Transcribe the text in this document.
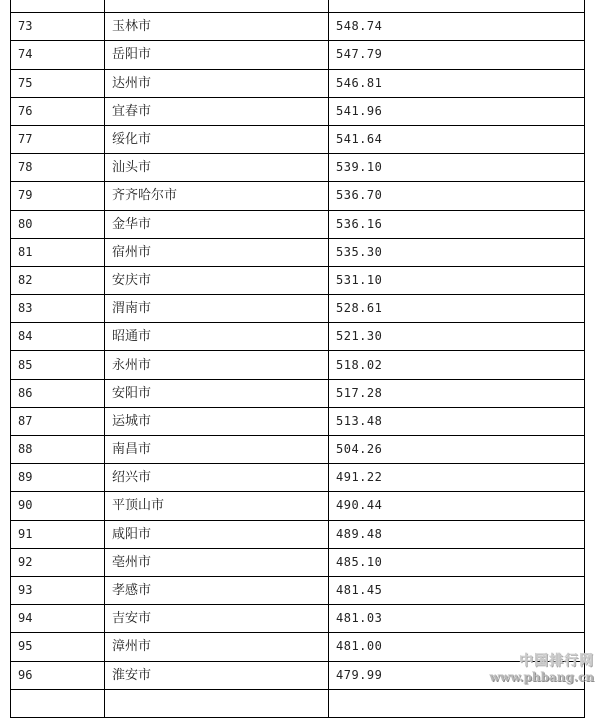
73	玉林市	548.74
74	岳阳市	547.79
75	达州市	546.81
76	宜春市	541.96
77	绥化市	541.64
78	汕头市	539.10
79	齐齐哈尔市	536.70
80	金华市	536.16
81	宿州市	535.30
82	安庆市	531.10
83	渭南市	528.61
84	昭通市	521.30
85	永州市	518.02
86	安阳市	517.28
87	运城市	513.48
88	南昌市	504.26
89	绍兴市	491.22
90	平顶山市	490.44
91	咸阳市	489.48
92	亳州市	485.10
93	孝感市	481.45
94	吉安市	481.03
95	漳州市	481.00
96	淮安市	479.99

中国排行网
www.phbang.cn
